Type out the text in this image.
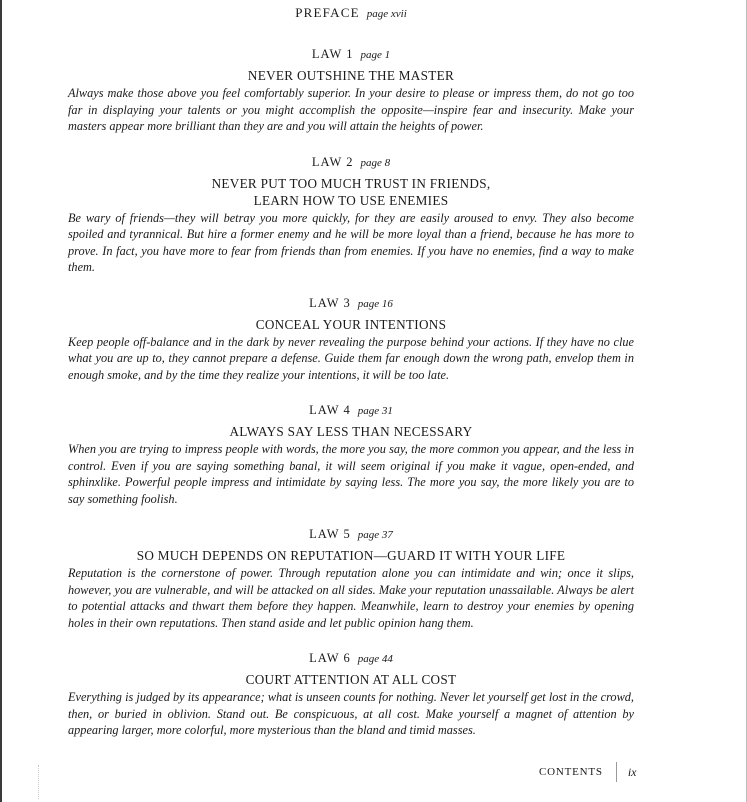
PREFACE page xvii
LAW 1 page 1
NEVER OUTSHINE THE MASTER

Always make those above you feel comfortably superior. In your desire to please or impress them, do not go too far in displaying your talents or you might accomplish the opposite—inspire fear and insecurity. Make your masters appear more brilliant than they are and you will attain the heights of power.

LAW 2 page 8
NEVER PUT TOO MUCH TRUST IN FRIENDS,
LEARN HOW TO USE ENEMIES

Be wary of friends—they will betray you more quickly, for they are easily aroused to envy. They also become spoiled and tyrannical. But hire a former enemy and he will be more loyal than a friend, because he has more to prove. In fact, you have more to fear from friends than from enemies. If you have no enemies, find a way to make them.

LAW 3 page 16
CONCEAL YOUR INTENTIONS

Keep people off-balance and in the dark by never revealing the purpose behind your actions. If they have no clue what you are up to, they cannot prepare a defense. Guide them far enough down the wrong path, envelop them in enough smoke, and by the time they realize your intentions, it will be too late.

LAW 4 page 31
ALWAYS SAY LESS THAN NECESSARY

When you are trying to impress people with words, the more you say, the more common you appear, and the less in control. Even if you are saying something banal, it will seem original if you make it vague, open-ended, and sphinxlike. Powerful people impress and intimidate by saying less. The more you say, the more likely you are to say something foolish.

LAW 5 page 37
SO MUCH DEPENDS ON REPUTATION—GUARD IT WITH YOUR LIFE

Reputation is the cornerstone of power. Through reputation alone you can intimidate and win; once it slips, however, you are vulnerable, and will be attacked on all sides. Make your reputation unassailable. Always be alert to potential attacks and thwart them before they happen. Meanwhile, learn to destroy your enemies by opening holes in their own reputations. Then stand aside and let public opinion hang them.

LAW 6 page 44
COURT ATTENTION AT ALL COST

Everything is judged by its appearance; what is unseen counts for nothing. Never let yourself get lost in the crowd, then, or buried in oblivion. Stand out. Be conspicuous, at all cost. Make yourself a magnet of attention by appearing larger, more colorful, more mysterious than the bland and timid masses.

CONTENTS ix
